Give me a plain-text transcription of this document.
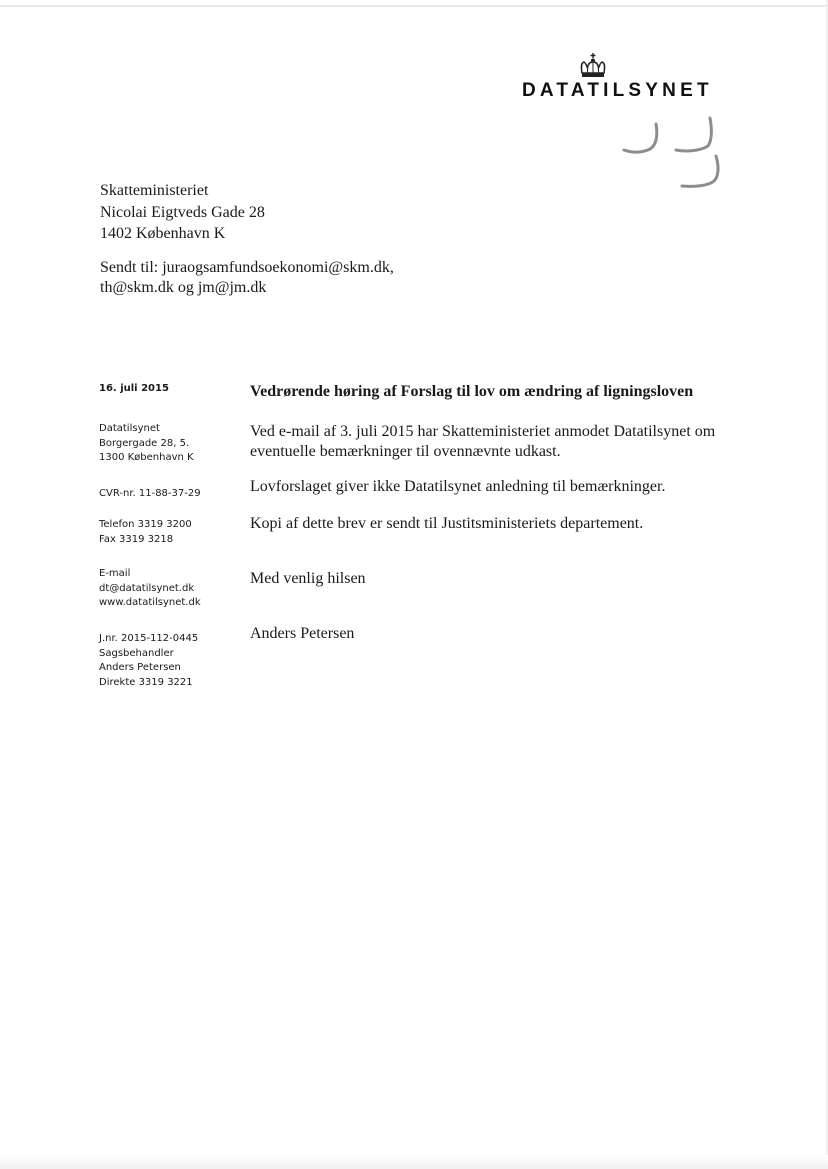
DATATILSYNET
Skatteministeriet
Nicolai Eigtveds Gade 28
1402 København K
Sendt til: juraogsamfundsoekonomi@skm.dk,
th@skm.dk og jm@jm.dk
16. juli 2015
Datatilsynet
Borgergade 28, 5.
1300 København K
CVR-nr. 11-88-37-29
Telefon 3319 3200
Fax 3319 3218
E-mail
dt@datatilsynet.dk
www.datatilsynet.dk
J.nr. 2015-112-0445
Sagsbehandler
Anders Petersen
Direkte 3319 3221
Vedrørende høring af Forslag til lov om ændring af ligningsloven
Ved e-mail af 3. juli 2015 har Skatteministeriet anmodet Datatilsynet om
eventuelle bemærkninger til ovennævnte udkast.
Lovforslaget giver ikke Datatilsynet anledning til bemærkninger.
Kopi af dette brev er sendt til Justitsministeriets departement.
Med venlig hilsen
Anders Petersen
